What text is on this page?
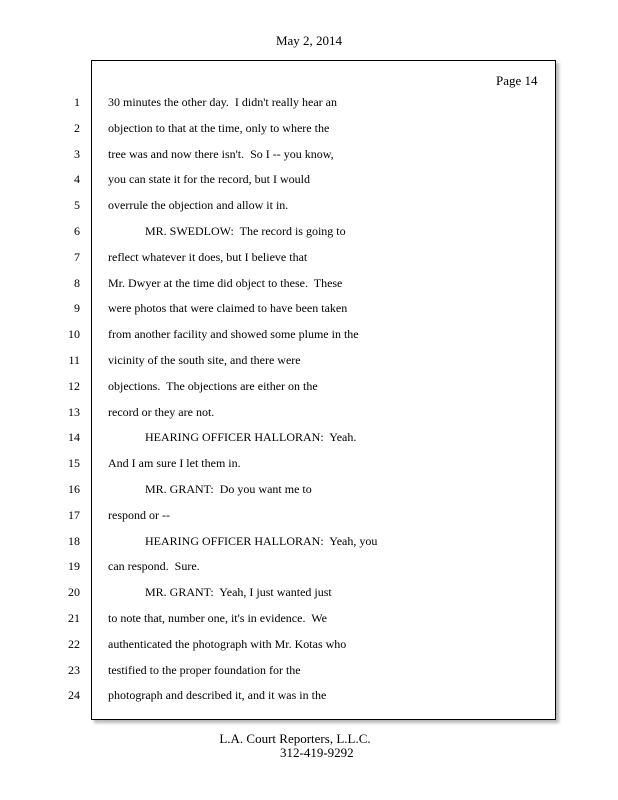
May 2, 2014
Page 14
1 30 minutes the other day.  I didn't really hear an
2 objection to that at the time, only to where the
3 tree was and now there isn't.  So I -- you know,
4 you can state it for the record, but I would
5 overrule the objection and allow it in.
6	MR. SWEDLOW:  The record is going to
7 reflect whatever it does, but I believe that
8 Mr. Dwyer at the time did object to these.  These
9 were photos that were claimed to have been taken
10 from another facility and showed some plume in the
11 vicinity of the south site, and there were
12 objections.  The objections are either on the
13 record or they are not.
14	HEARING OFFICER HALLORAN:  Yeah.
15 And I am sure I let them in.
16	MR. GRANT:  Do you want me to
17 respond or --
18	HEARING OFFICER HALLORAN:  Yeah, you
19 can respond.  Sure.
20	MR. GRANT:  Yeah, I just wanted just
21 to note that, number one, it's in evidence.  We
22 authenticated the photograph with Mr. Kotas who
23 testified to the proper foundation for the
24 photograph and described it, and it was in the
L.A. Court Reporters, L.L.C.
312-419-9292
